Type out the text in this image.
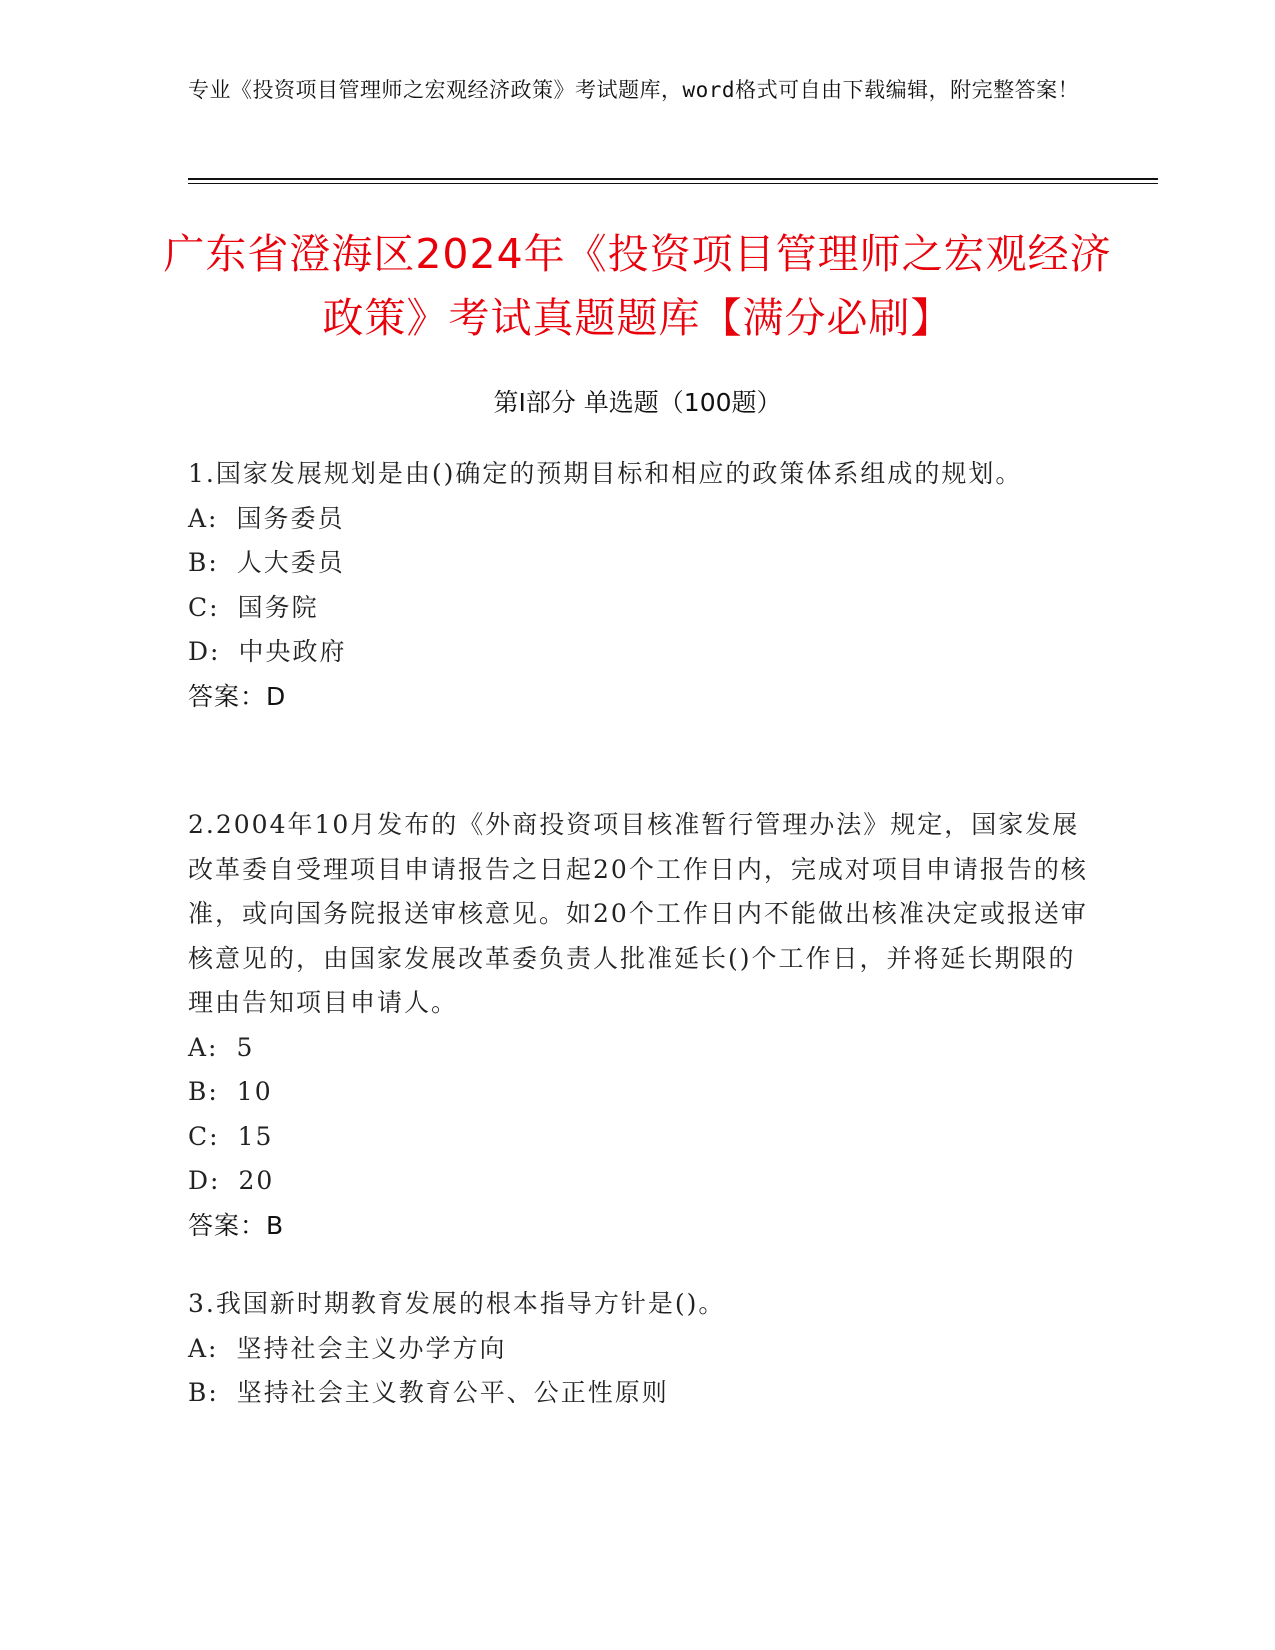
专业《投资项目管理师之宏观经济政策》考试题库，word格式可自由下载编辑，附完整答案！
广东省澄海区2024年《投资项目管理师之宏观经济政策》考试真题题库【满分必刷】
第I部分 单选题（100题）

1.国家发展规划是由()确定的预期目标和相应的政策体系组成的规划。

A: 国务委员

B: 人大委员

C: 国务院

D: 中央政府

答案：D

2.2004年10月发布的《外商投资项目核准暂行管理办法》规定，国家发展改革委自受理项目申请报告之日起20个工作日内，完成对项目申请报告的核准，或向国务院报送审核意见。如20个工作日内不能做出核准决定或报送审核意见的，由国家发展改革委负责人批准延长()个工作日，并将延长期限的理由告知项目申请人。

A: 5

B: 10

C: 15

D: 20

答案：B

3.我国新时期教育发展的根本指导方针是()。

A: 坚持社会主义办学方向

B: 坚持社会主义教育公平、公正性原则
